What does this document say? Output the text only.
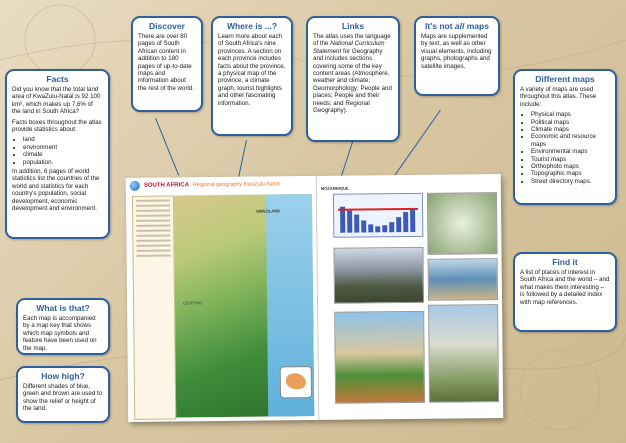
SOUTH AFRICA Regional geography KwaZulu-Natal
SWAZILAND
LESOTHO
MOZAMBIQUE
Facts

Did you know that the total land area of KwaZulu-Natal is 92 100 km², which makes up 7,6% of the land in South Africa?

Facts boxes throughout the atlas provide statistics about:

• land
• environment
• climate
• population.

In addition, 8 pages of world statistics list the countries of the world and statistics for each country's population, social development, economic development and environment.

Discover

There are over 80 pages of South African content in addition to 180 pages of up-to-date maps and information about the rest of the world.

Where is ...?

Learn more about each of South Africa's nine provinces. A section on each province includes facts about the province, a physical map of the province, a climate graph, tourist highlights and other fascinating information.

Links

The atlas uses the language of the National Curriculum Statement for Geography and includes sections covering some of the key content areas (Atmosphere, weather and climate; Geomorphology; People and places; People and their needs; and Regional Geography).

It's not all maps

Maps are supplemented by text, as well as other visual elements, including graphs, photographs and satellite images.

Different maps

A variety of maps are used throughout this atlas. These include:

• Physical maps
• Political maps
• Climate maps
• Economic and resource maps
• Environmental maps
• Tourist maps
• Orthophoto maps
• Topographic maps
• Street directory maps.
What is that?

Each map is accompanied by a map key that shows which map symbols and feature have been used on the map.

How high?

Different shades of blue, green and brown are used to show the relief or height of the land.

Find it

A list of places of interest in South Africa and the world – and what makes them interesting – is followed by a detailed index with map references.
